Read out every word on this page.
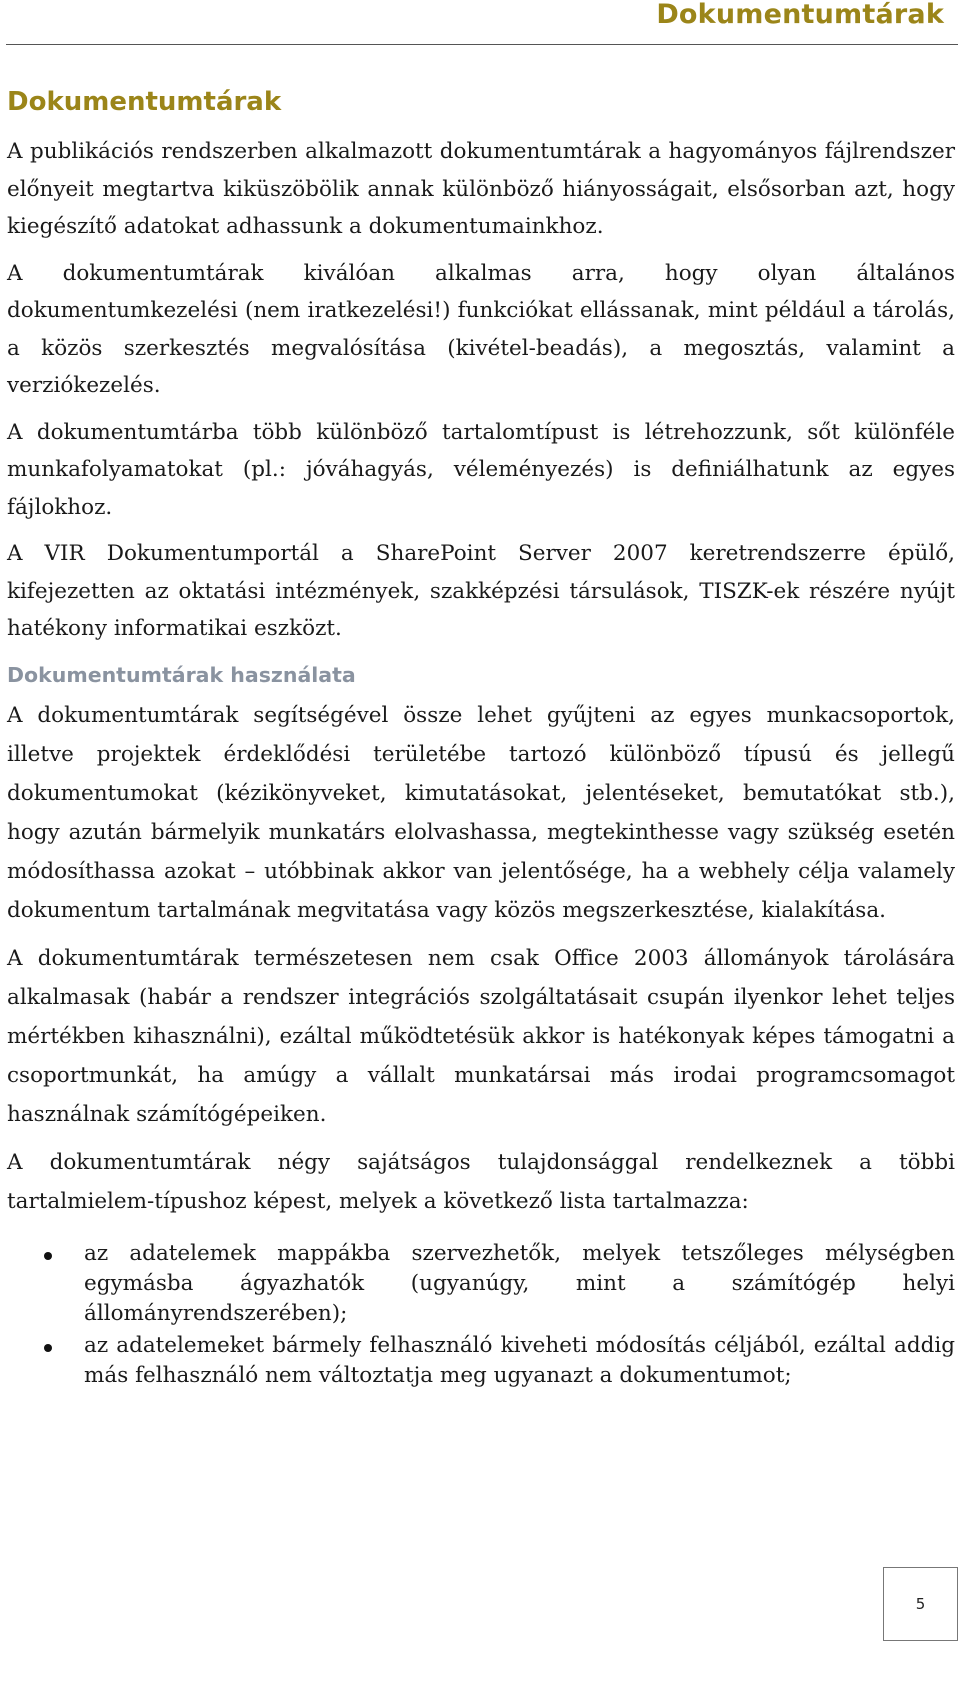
Dokumentumtárak
Dokumentumtárak

A publikációs rendszerben alkalmazott dokumentumtárak a hagyományos fájlrendszer előnyeit megtartva kiküszöbölik annak különböző hiányosságait, elsősorban azt, hogy kiegészítő adatokat adhassunk a dokumentumainkhoz.

A dokumentumtárak kiválóan alkalmas arra, hogy olyan általános dokumentumkezelési (nem iratkezelési!) funkciókat ellássanak, mint például a tárolás, a közös szerkesztés megvalósítása (kivétel-beadás), a megosztás, valamint a verziókezelés.

A dokumentumtárba több különböző tartalomtípust is létrehozzunk, sőt különféle munkafolyamatokat (pl.: jóváhagyás, véleményezés) is definiálhatunk az egyes fájlokhoz.

A VIR Dokumentumportál a SharePoint Server 2007 keretrendszerre épülő, kifejezetten az oktatási intézmények, szakképzési társulások, TISZK-ek részére nyújt hatékony informatikai eszközt.

Dokumentumtárak használata

A dokumentumtárak segítségével össze lehet gyűjteni az egyes munkacsoportok, illetve projektek érdeklődési területébe tartozó különböző típusú és jellegű dokumentumokat (kézikönyveket, kimutatásokat, jelentéseket, bemutatókat stb.), hogy azután bármelyik munkatárs elolvashassa, megtekinthesse vagy szükség esetén módosíthassa azokat – utóbbinak akkor van jelentősége, ha a webhely célja valamely dokumentum tartalmának megvitatása vagy közös megszerkesztése, kialakítása.

A dokumentumtárak természetesen nem csak Office 2003 állományok tárolására alkalmasak (habár a rendszer integrációs szolgáltatásait csupán ilyenkor lehet teljes mértékben kihasználni), ezáltal működtetésük akkor is hatékonyak képes támogatni a csoportmunkát, ha amúgy a vállalt munkatársai más irodai programcsomagot használnak számítógépeiken.

A dokumentumtárak négy sajátságos tulajdonsággal rendelkeznek a többi tartalmielem-típushoz képest, melyek a következő lista tartalmazza:

az adatelemek mappákba szervezhetők, melyek tetszőleges mélységben egymásba ágyazhatók (ugyanúgy, mint a számítógép helyi állományrendszerében);
az adatelemeket bármely felhasználó kiveheti módosítás céljából, ezáltal addig más felhasználó nem változtatja meg ugyanazt a dokumentumot;
5
